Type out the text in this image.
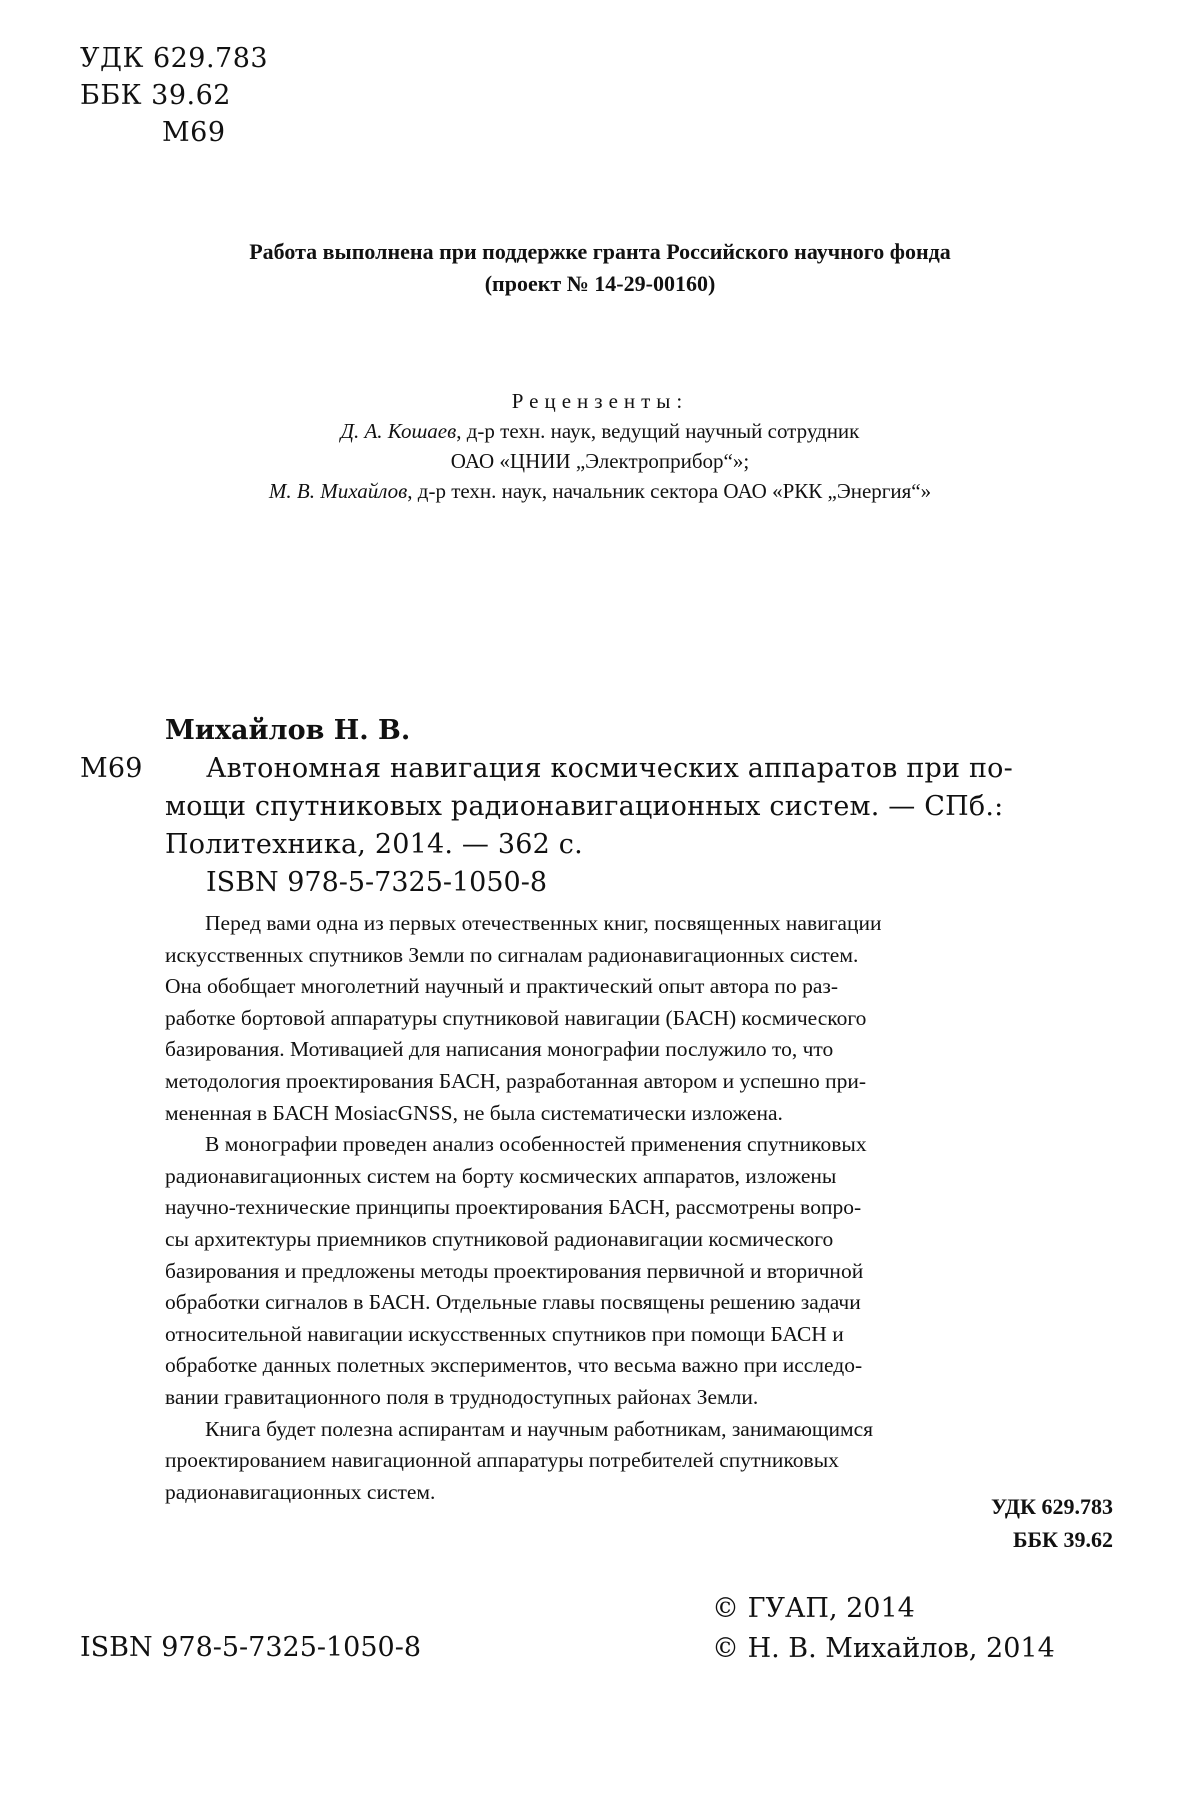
УДК 629.783
ББК 39.62
М69
Работа выполнена при поддержке гранта Российского научного фонда
(проект № 14-29-00160)
Рецензенты:
Д. А. Кошаев, д-р техн. наук, ведущий научный сотрудник
ОАО «ЦНИИ „Электроприбор“»;
М. В. Михайлов, д-р техн. наук, начальник сектора ОАО «РКК „Энергия“»
Михайлов Н. В.
М69	Автономная навигация космических аппаратов при по-
мощи спутниковых радионавигационных систем. — СПб.:
Политехника, 2014. — 362 с.
ISBN 978-5-7325-1050-8
Перед вами одна из первых отечественных книг, посвященных навигации
искусственных спутников Земли по сигналам радионавигационных систем.
Она обобщает многолетний научный и практический опыт автора по раз-
работке бортовой аппаратуры спутниковой навигации (БАСН) космического
базирования. Мотивацией для написания монографии послужило то, что
методология проектирования БАСН, разработанная автором и успешно при-
мененная в БАСН MosiacGNSS, не была систематически изложена.
В монографии проведен анализ особенностей применения спутниковых
радионавигационных систем на борту космических аппаратов, изложены
научно-технические принципы проектирования БАСН, рассмотрены вопро-
сы архитектуры приемников спутниковой радионавигации космического
базирования и предложены методы проектирования первичной и вторичной
обработки сигналов в БАСН. Отдельные главы посвящены решению задачи
относительной навигации искусственных спутников при помощи БАСН и
обработке данных полетных экспериментов, что весьма важно при исследо-
вании гравитационного поля в труднодоступных районах Земли.
Книга будет полезна аспирантам и научным работникам, занимающимся
проектированием навигационной аппаратуры потребителей спутниковых
радионавигационных систем.
УДК 629.783
ББК 39.62
ISBN 978-5-7325-1050-8
© ГУАП, 2014
© Н. В. Михайлов, 2014
